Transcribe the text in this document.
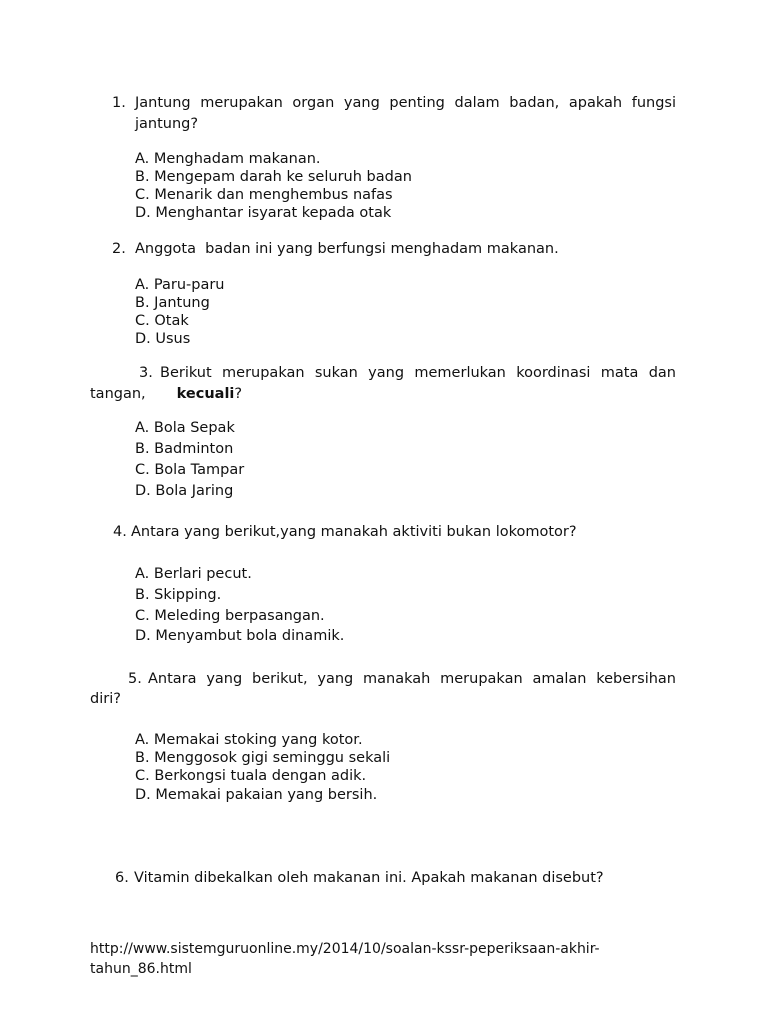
1. Jantung merupakan organ yang penting dalam badan, apakah fungsi
jantung?
A. Menghadam makanan.
B. Mengepam darah ke seluruh badan
C. Menarik dan menghembus nafas
D. Menghantar isyarat kepada otak
2. Anggota  badan ini yang berfungsi menghadam makanan.
A. Paru-paru
B. Jantung
C. Otak
D. Usus
3. Berikut merupakan sukan yang memerlukan koordinasi mata dan
tangan, kecuali?
A. Bola Sepak
B. Badminton
C. Bola Tampar
D. Bola Jaring
4. Antara yang berikut,yang manakah aktiviti bukan lokomotor?
A. Berlari pecut.
B. Skipping.
C. Meleding berpasangan.
D. Menyambut bola dinamik.
5. Antara yang berikut, yang manakah merupakan amalan kebersihan
diri?
A. Memakai stoking yang kotor.
B. Menggosok gigi seminggu sekali
C. Berkongsi tuala dengan adik.
D. Memakai pakaian yang bersih.
6. Vitamin dibekalkan oleh makanan ini. Apakah makanan disebut?
http://www.sistemguruonline.my/2014/10/soalan-kssr-peperiksaan-akhir-
tahun_86.html
